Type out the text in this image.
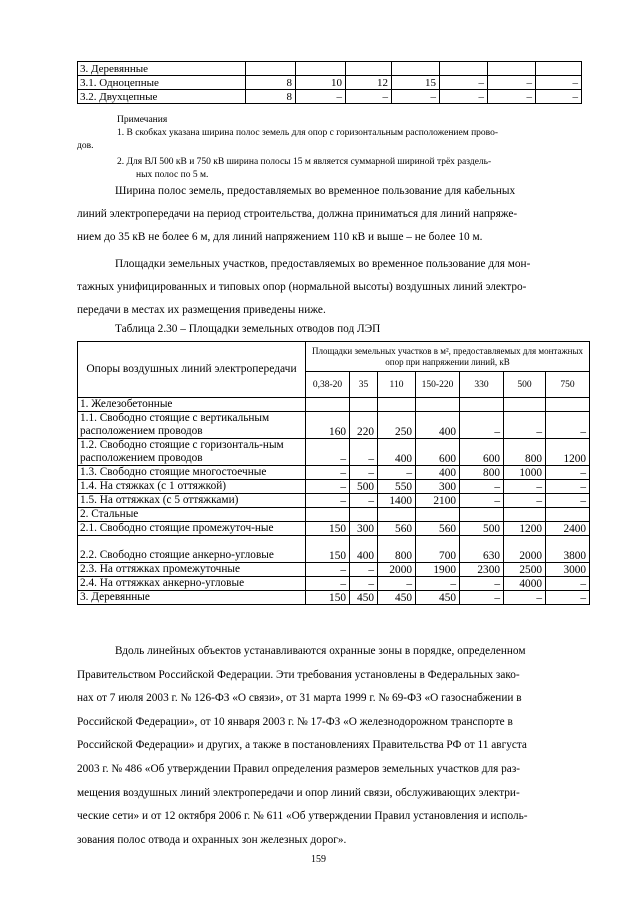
3. Деревянные							
3.1. Одноцепные	8	10	12	15	–	–	–
3.2. Двухцепные	8	–	–	–	–	–	–
Примечания
1. В скобках указана ширина полос земель для опор с горизонтальным расположением прово-
дов.
2. Для ВЛ 500 кВ и 750 кВ ширина полосы 15 м является суммарной шириной трёх раздель-
ных полос по 5 м.
Ширина полос земель, предоставляемых во временное пользование для кабельных
линий электропередачи на период строительства, должна приниматься для линий напряже-
нием до 35 кВ не более 6 м, для линий напряжением 110 кВ и выше – не более 10 м.
Площадки земельных участков, предоставляемых во временное пользование для мон-
тажных унифицированных и типовых опор (нормальной высоты) воздушных линий электро-
передачи в местах их размещения приведены ниже.
Таблица 2.30 – Площадки земельных отводов под ЛЭП
Опоры воздушных линий электропередачи	Площадки земельных участков в м², предоставляемых для монтажных опор при напряжении линий, кВ						
	0,38-20	35	110	150-220	330	500	750
1. Железобетонные							
1.1. Свободно стоящие с вертикальным расположением проводов	160	220	250	400	–	–	–
1.2. Свободно стоящие с горизонталь-ным расположением проводов	–	–	400	600	600	800	1200
1.3. Свободно стоящие многостоечные	–	–	–	400	800	1000	–
1.4. На стяжках (с 1 оттяжкой)	–	500	550	300	–	–	–
1.5. На оттяжках (с 5 оттяжками)	–	–	1400	2100	–	–	–
2. Стальные							
2.1. Свободно стоящие промежуточ-ные	150	300	560	560	500	1200	2400
2.2. Свободно стоящие анкерно-угловые	150	400	800	700	630	2000	3800
2.3. На оттяжках промежуточные	–	–	2000	1900	2300	2500	3000
2.4. На оттяжках анкерно-угловые	–	–	–	–	–	4000	–
3. Деревянные	150	450	450	450	–	–	–
Вдоль линейных объектов устанавливаются охранные зоны в порядке, определенном
Правительством Российской Федерации. Эти требования установлены в Федеральных зако-
нах от 7 июля 2003 г. № 126-ФЗ «О связи», от 31 марта 1999 г. № 69-ФЗ «О газоснабжении в
Российской Федерации», от 10 января 2003 г. № 17-ФЗ «О железнодорожном транспорте в
Российской Федерации» и других, а также в постановлениях Правительства РФ от 11 августа
2003 г. № 486 «Об утверждении Правил определения размеров земельных участков для раз-
мещения воздушных линий электропередачи и опор линий связи, обслуживающих электри-
ческие сети» и от 12 октября 2006 г. № 611 «Об утверждении Правил установления и исполь-
зования полос отвода и охранных зон железных дорог».
159
